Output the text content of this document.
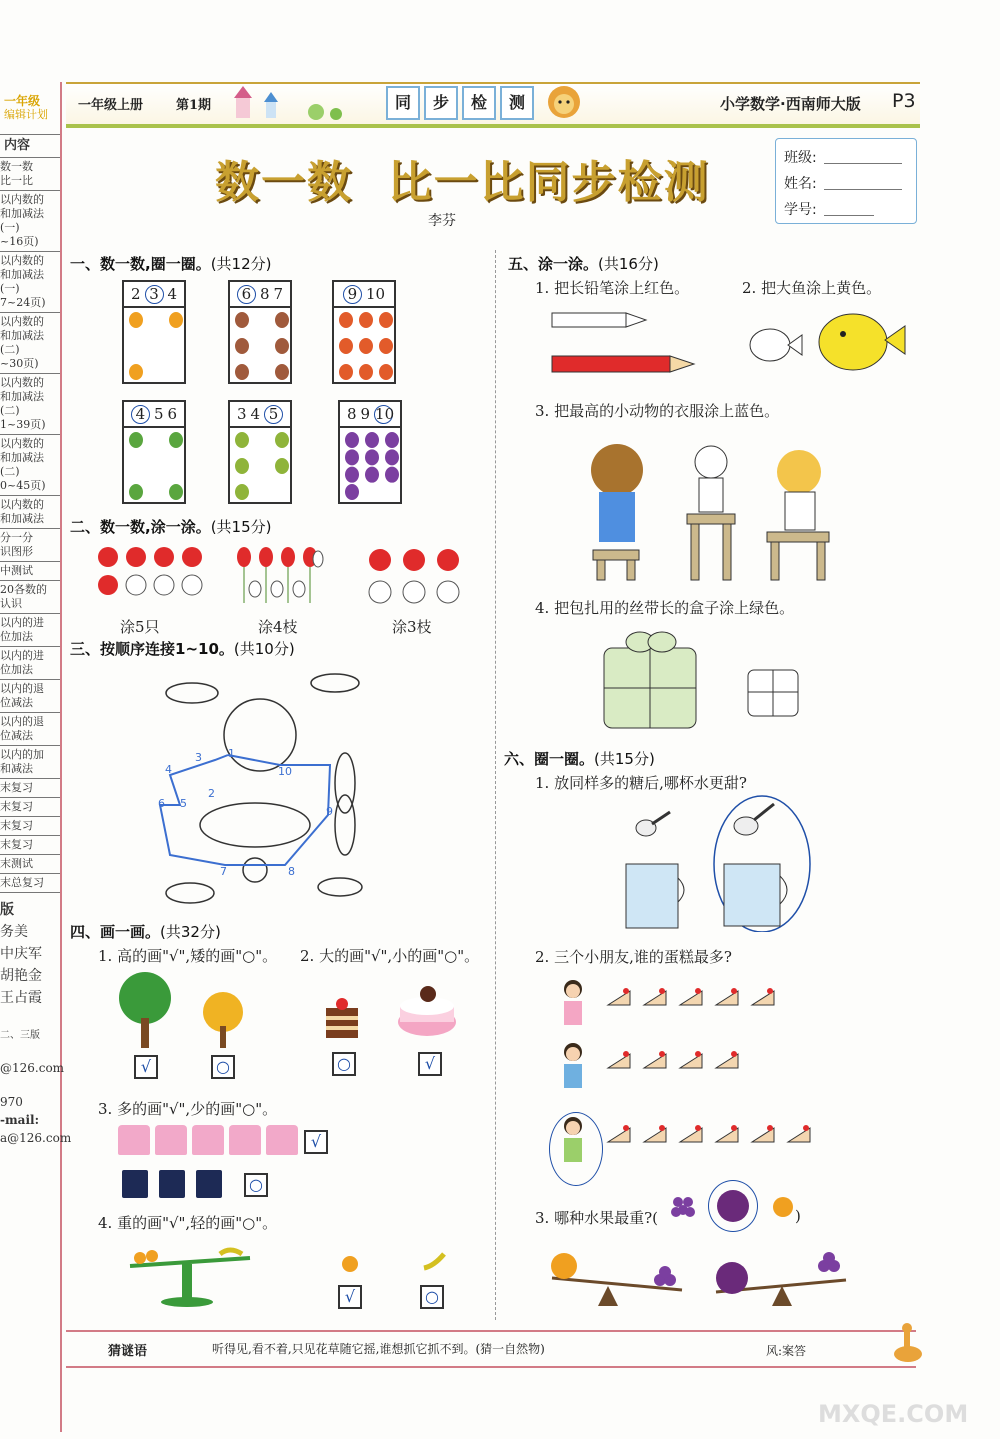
一年级
编辑计划
内容
数一数
比一比
以内数的
和加减法
(一)
~16页)
以内数的
和加减法
(一)
7~24页)
以内数的
和加减法
(二)
~30页)
以内数的
和加减法
(二)
1~39页)
以内数的
和加减法
(二)
0~45页)
以内数的
和加减法
分一分
识图形
中测试
20各数的
认识
以内的进
位加法
以内的进
位加法
以内的退
位减法
以内的退
位减法
以内的加
和减法
末复习
末复习
末复习
末复习
末测试
末总复习
版
务美
中庆军
胡艳金
王占霞
二、三版
@126.com
970
-mail:
a@126.com
一年级上册	第1期	同 步 检 测	小学数学·西南师大版 P3
数一数  比一比同步检测
李芬
班级:
姓名:
学号:
一、数一数,圈一圈。(共12分)
2 3 4	6 8 7	9 10
4 5 6	3 4 5	8 9 10
二、数一数,涂一涂。(共15分)
涂5只	涂4枝	涂3枝
三、按顺序连接1~10。(共10分)
1
2
3
4
5
6
7	8
9
10
四、画一画。(共32分)
1. 高的画"√",矮的画"○"。 2. 大的画"√",小的画"○"。
√	○	○	√
3. 多的画"√",少的画"○"。
√
○
4. 重的画"√",轻的画"○"。
√	○
五、涂一涂。(共16分)
1. 把长铅笔涂上红色。	2. 把大鱼涂上黄色。
3. 把最高的小动物的衣服涂上蓝色。
4. 把包扎用的丝带长的盒子涂上绿色。
六、圈一圈。(共15分)
1. 放同样多的糖后,哪杯水更甜?
2. 三个小朋友,谁的蛋糕最多?
3. 哪种水果最重?(	)
猜谜语	听得见,看不着,只见花草随它摇,谁想抓它抓不到。(猜一自然物)	风:案答
MXQE.COM
